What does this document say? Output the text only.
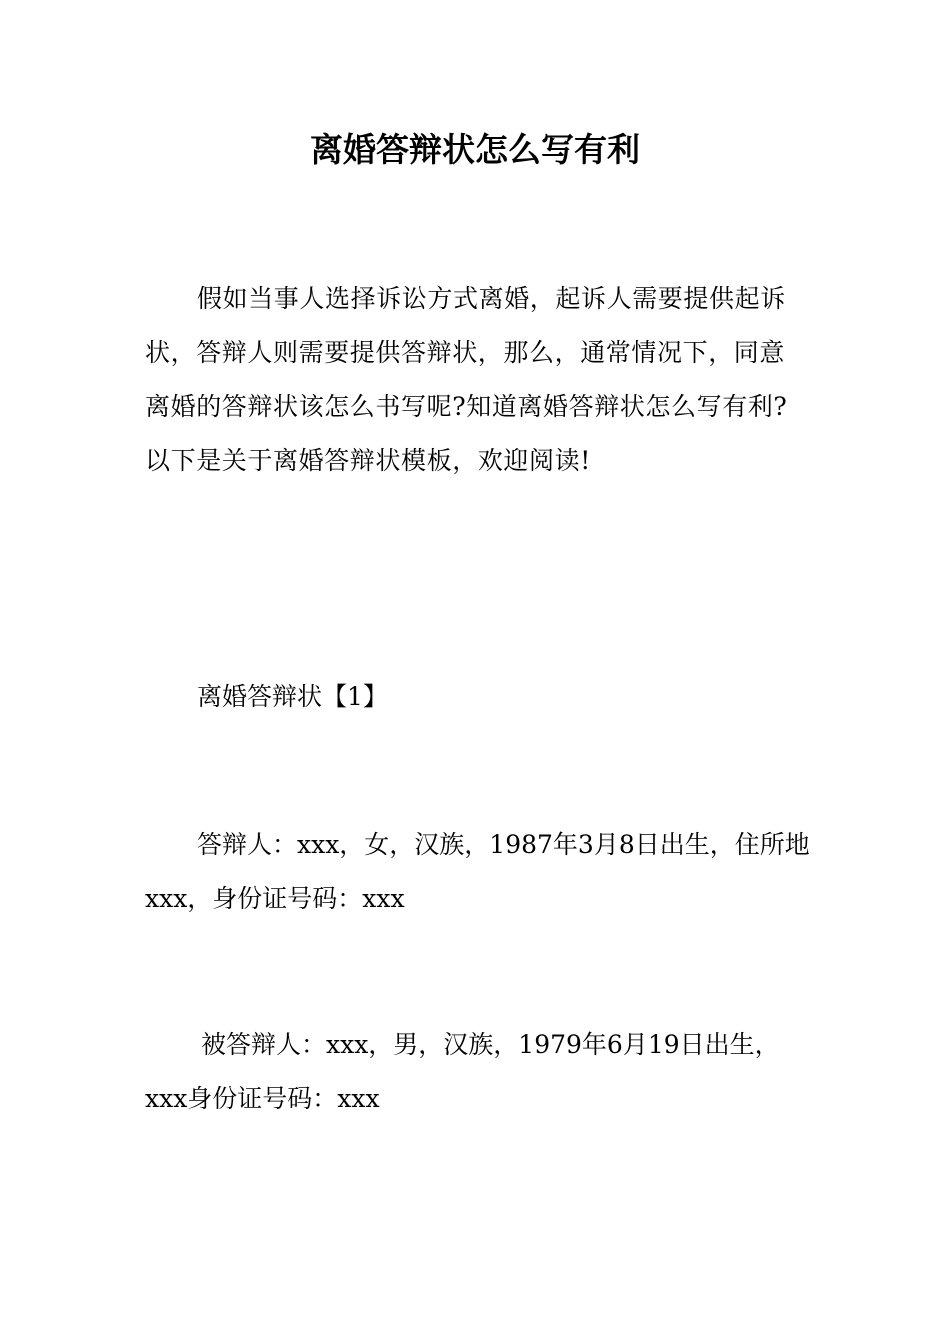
离婚答辩状怎么写有利

假如当事人选择诉讼方式离婚，起诉人需要提供起诉状，答辩人则需要提供答辩状，那么，通常情况下，同意离婚的答辩状该怎么书写呢?知道离婚答辩状怎么写有利?以下是关于离婚答辩状模板，欢迎阅读!

离婚答辩状【1】

答辩人：xxx，女，汉族，1987年3月8日出生，住所地xxx，身份证号码：xxx

被答辩人：xxx，男，汉族，1979年6月19日出生，xxx身份证号码：xxx
